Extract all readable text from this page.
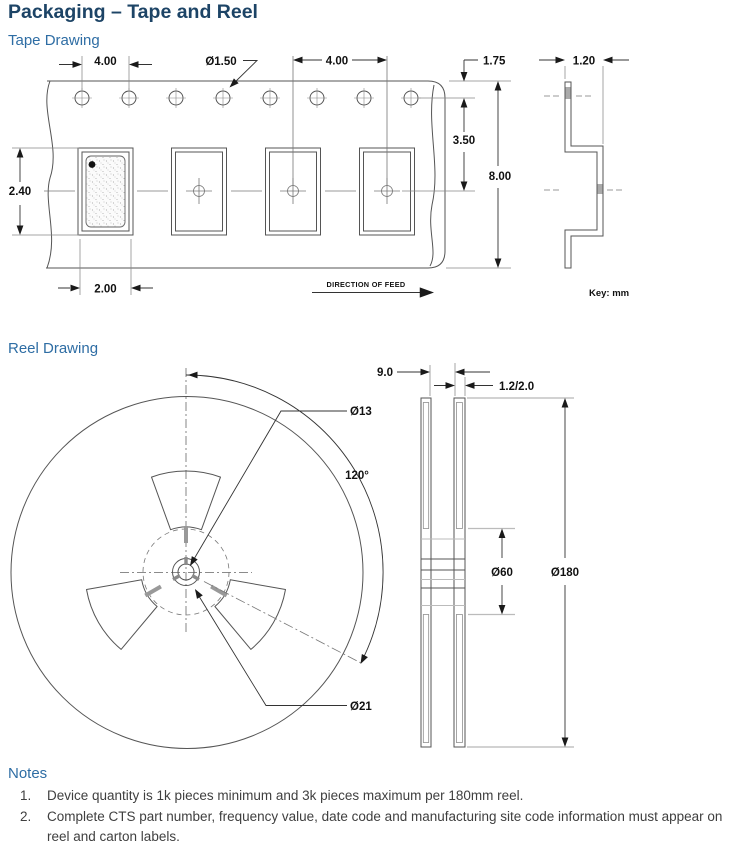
Packaging – Tape and Reel
Tape Drawing
Reel Drawing
Notes
4.00	Ø1.50	4.00	1.75
3.50
8.00
2.40
2.00	DIRECTION OF FEED
1.20
Key: mm
120°
Ø13
Ø21
9.0
1.2/2.0
Ø60	Ø180
1.	Device quantity is 1k pieces minimum and 3k pieces maximum per 180mm reel.
2.	Complete CTS part number, frequency value, date code and manufacturing site code information must appear on reel and carton labels.
